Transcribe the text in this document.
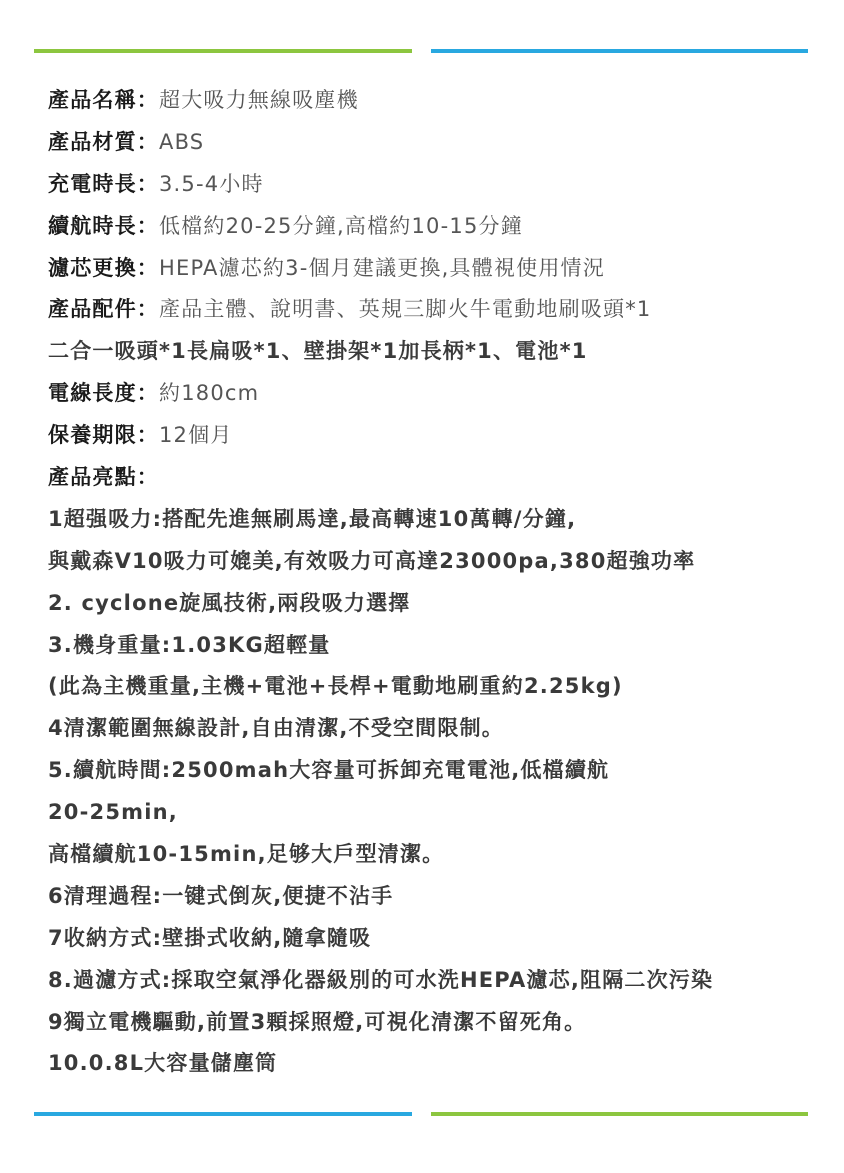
產品名稱：超大吸力無線吸塵機
產品材質：ABS
充電時長：3.5-4小時
續航時長：低檔約20-25分鐘,高檔約10-15分鐘
濾芯更換：HEPA濾芯約3-個月建議更換,具體視使用情況
產品配件：產品主體、說明書、英規三脚火牛電動地刷吸頭*1
二合一吸頭*1長扁吸*1、壁掛架*1加長柄*1、電池*1
電線長度：約180cm
保養期限：12個月
產品亮點：
1超强吸力:搭配先進無刷馬達,最高轉速10萬轉/分鐘,
與戴森V10吸力可媲美,有效吸力可高達23000pa,380超強功率
2. cyclone旋風技術,兩段吸力選擇
3.機身重量:1.03KG超輕量
(此為主機重量,主機+電池+長桿+電動地刷重約2.25kg)
4清潔範圍無線設計,自由清潔,不受空間限制。
5.續航時間:2500mah大容量可拆卸充電電池,低檔續航
20-25min,
高檔續航10-15min,足够大戶型清潔。
6清理過程:一键式倒灰,便捷不沾手
7收納方式:壁掛式收納,隨拿隨吸
8.過濾方式:採取空氣淨化器級別的可水洗HEPA濾芯,阻隔二次污染
9獨立電機驅動,前置3顆採照燈,可視化清潔不留死角。
10.0.8L大容量儲塵筒
